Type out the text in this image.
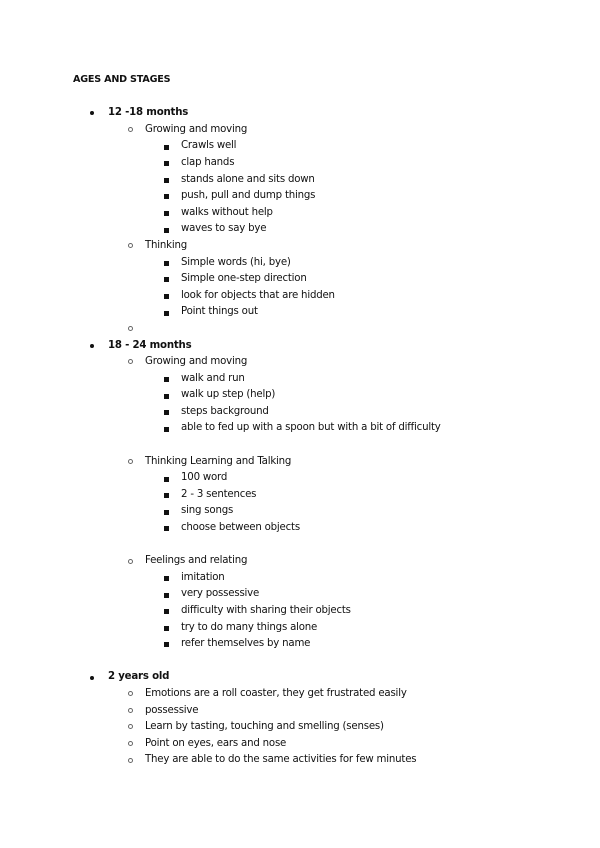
AGES AND STAGES
12 -18 months
Growing and moving
Crawls well
clap hands
stands alone and sits down
push, pull and dump things
walks without help
waves to say bye
Thinking
Simple words (hi, bye)
Simple one-step direction
look for objects that are hidden
Point things out
18 - 24 months
Growing and moving
walk and run
walk up step (help)
steps background
able to fed up with a spoon but with a bit of difficulty
Thinking Learning and Talking
100 word
2 - 3 sentences
sing songs
choose between objects
Feelings and relating
imitation
very possessive
difficulty with sharing their objects
try to do many things alone
refer themselves by name
2 years old
Emotions are a roll coaster, they get frustrated easily
possessive
Learn by tasting, touching and smelling (senses)
Point on eyes, ears and nose
They are able to do the same activities for few minutes
